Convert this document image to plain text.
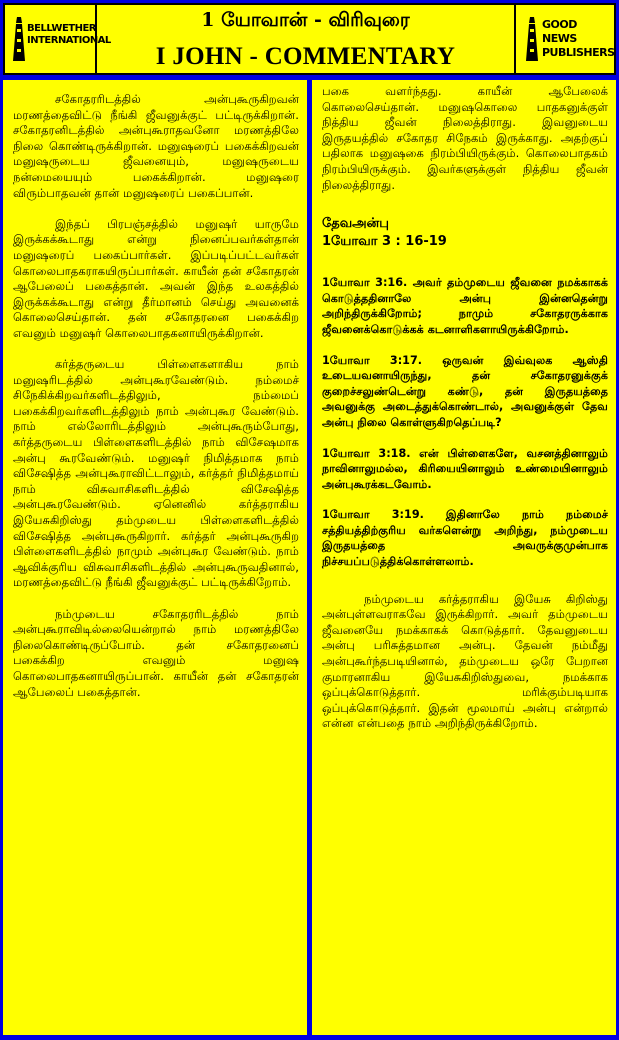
BELLWETHER
INTERNATIONAL
1 யோவான் - விரிவுரை
I JOHN - COMMENTARY
GOOD NEWS
PUBLISHERS

சகோதரரிடத்தில் அன்புகூருகிறவன் மரணத்தைவிட்டு நீங்கி ஜீவனுக்குட் பட்டிருக்கிறான். சகோதரனிடத்தில் அன்புகூராதவனோ மரணத்திலே நிலை கொண்டிருக்கிறான். மனுஷரைப் பகைக்கிறவன் மனுஷருடைய ஜீவனையும், மனுஷருடைய நன்மையையும் பகைக்கிறான். மனுஷரை விரும்பாதவன் தான் மனுஷரைப் பகைப்பான்.

இந்தப் பிரபஞ்சத்தில் மனுஷர் யாருமே இருக்கக்கூடாது என்று நினைப்பவர்கள்தான் மனுஷரைப் பகைப்பார்கள். இப்படிப்பட்டவர்கள் கொலைபாதகராகயிருப்பார்கள். காயீன் தன் சகோதரன் ஆபேலைப் பகைத்தான். அவன் இந்த உலகத்தில் இருக்கக்கூடாது என்று தீர்மானம் செய்து அவனைக் கொலைசெய்தான். தன் சகோதரனை பகைக்கிற எவனும் மனுஷர் கொலைபாதகனாயிருக்கிறான்.

கர்த்தருடைய பிள்ளைகளாகிய நாம் மனுஷரிடத்தில் அன்புகூரவேண்டும். நம்மைச் சிநேகிக்கிறவர்களிடத்திலும், நம்மைப் பகைக்கிறவர்களிடத்திலும் நாம் அன்புகூர வேண்டும். நாம் எல்லோரிடத்திலும் அன்புகூரும்போது, கர்த்தருடைய பிள்ளைகளிடத்தில் நாம் விசேஷமாக அன்பு கூரவேண்டும். மனுஷர் நிமித்தமாக நாம் விசேஷித்த அன்புகூராவிட்டாலும், கர்த்தர் நிமித்தமாய் நாம் விசுவாசிகளிடத்தில் விசேஷித்த அன்புகூரவேண்டும். ஏனெனில் கர்த்தராகிய இயேசுகிறிஸ்து தம்முடைய பிள்ளைகளிடத்தில் விசேஷித்த அன்புகூருகிறார். கர்த்தர் அன்புகூருகிற பிள்ளைகளிடத்தில் நாமும் அன்புகூர வேண்டும். நாம் ஆவிக்குரிய விசுவாசிகளிடத்தில் அன்புகூருவதினால், மரணத்தைவிட்டு நீங்கி ஜீவனுக்குட் பட்டிருக்கிறோம்.

நம்முடைய சகோதரரிடத்தில் நாம் அன்புகூராவிடில்லையென்றால் நாம் மரணத்திலே நிலைகொண்டிருப்போம். தன் சகோதரனைப் பகைக்கிற எவனும் மனுஷ கொலைபாதகனாயிருப்பான். காயீன் தன் சகோதரன் ஆபேலைப் பகைத்தான்.

பகை வளர்ந்தது. காயீன் ஆபேலைக் கொலைசெய்தான். மனுஷகொலை பாதகனுக்குள் நித்திய ஜீவன் நிலைத்திராது. இவனுடைய இருதயத்தில் சகோதர சிநேகம் இருக்காது. அதற்குப் பதிலாக மனுஷகை நிரம்பியிருக்கும். கொலைபாதகம் நிரம்பியிருக்கும். இவர்களுக்குள் நித்திய ஜீவன் நிலைத்திராது.

தேவஅன்பு
1யோவா 3 : 16-19

1யோவா 3:16. அவர் தம்முடைய ஜீவனை நமக்காகக் கொடுத்ததினாலே அன்பு இன்னதென்று அறிந்திருக்கிறோம்; நாமும் சகோதரருக்காக ஜீவனைக்கொடுக்கக் கடனாளிகளாயிருக்கிறோம்.

1யோவா 3:17. ஒருவன் இவ்வுலக ஆஸ்தி உடையவனாயிருந்து, தன் சகோதரனுக்குக் குறைச்சலுண்டென்று கண்டு, தன் இருதயத்தை அவனுக்கு அடைத்துக்கொண்டால், அவனுக்குள் தேவ அன்பு நிலை கொள்ளுகிறதெப்படி?

1யோவா 3:18. என் பிள்ளைகளே, வசனத்தினாலும் நாவினாலுமல்ல, கிரியையினாலும் உண்மையினாலும் அன்புகூரக்கடவோம்.

1யோவா 3:19. இதினாலே நாம் நம்மைச் சத்தியத்திற்குரிய வர்களென்று அறிந்து, நம்முடைய இருதயத்தை அவருக்குமுன்பாக நிச்சயப்படுத்திக்கொள்ளலாம்.

நம்முடைய கர்த்தராகிய இயேசு கிறிஸ்து அன்புள்ளவராகவே இருக்கிறார். அவர் தம்முடைய ஜீவனையே நமக்காகக் கொடுத்தார். தேவனுடைய அன்பு பரிசுத்தமான அன்பு. தேவன் நம்மீது அன்புகூர்ந்தபடியினால், தம்முடைய ஒரே பேறான குமாரனாகிய இயேசுகிறிஸ்துவை, நமக்காக ஒப்புக்கொடுத்தார். மரிக்கும்படியாக ஒப்புக்கொடுத்தார். இதன் மூலமாய் அன்பு என்றால் என்ன என்பதை நாம் அறிந்திருக்கிறோம்.
